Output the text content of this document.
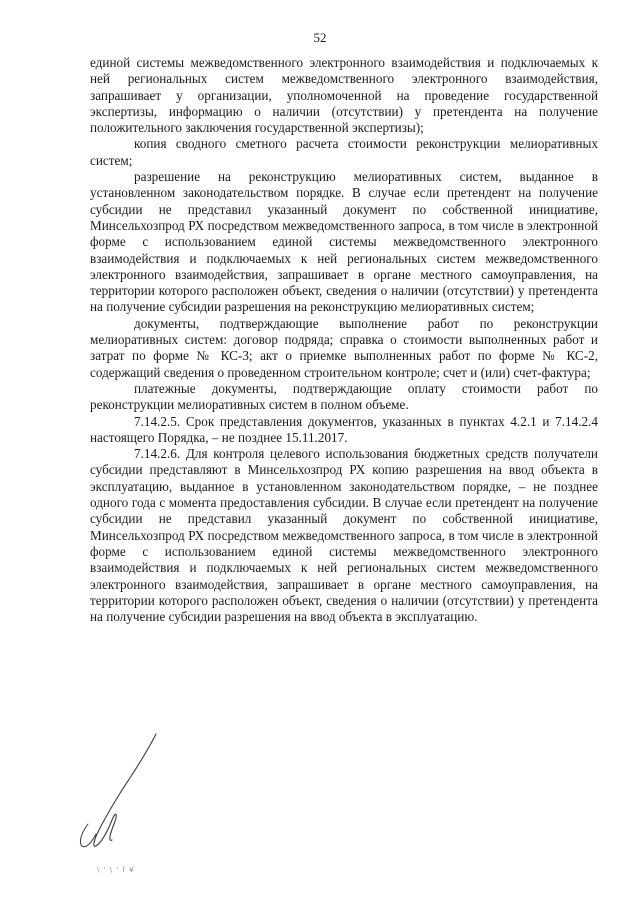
52

единой системы межведомственного электронного взаимодействия и подключаемых к ней региональных систем межведомственного электронного взаимодействия, запрашивает у организации, уполномоченной на проведение государственной экспертизы, информацию о наличии (отсутствии) у претендента на получение положительного заключения государственной экспертизы);

копия сводного сметного расчета стоимости реконструкции мелиоративных систем;

разрешение на реконструкцию мелиоративных систем, выданное в установленном законодательством порядке. В случае если претендент на получение субсидии не представил указанный документ по собственной инициативе, Минсельхозпрод РХ посредством межведомственного запроса, в том числе в электронной форме с использованием единой системы межведомственного электронного взаимодействия и подключаемых к ней региональных систем межведомственного электронного взаимодействия, запрашивает в органе местного самоуправления, на территории которого расположен объект, сведения о наличии (отсутствии) у претендента на получение субсидии разрешения на реконструкцию мелиоративных систем;

документы, подтверждающие выполнение работ по реконструкции мелиоративных систем: договор подряда; справка о стоимости выполненных работ и затрат по форме № КС-3; акт о приемке выполненных работ по форме № КС-2, содержащий сведения о проведенном строительном контроле; счет и (или) счет-фактура;

платежные документы, подтверждающие оплату стоимости работ по реконструкции мелиоративных систем в полном объеме.

7.14.2.5. Срок представления документов, указанных в пунктах 4.2.1 и 7.14.2.4 настоящего Порядка, – не позднее 15.11.2017.

7.14.2.6. Для контроля целевого использования бюджетных средств получатели субсидии представляют в Минсельхозпрод РХ копию разрешения на ввод объекта в эксплуатацию, выданное в установленном законодательством порядке, – не позднее одного года с момента предоставления субсидии. В случае если претендент на получение субсидии не представил указанный документ по собственной инициативе, Минсельхозпрод РХ посредством межведомственного запроса, в том числе в электронной форме с использованием единой системы межведомственного электронного взаимодействия и подключаемых к ней региональных систем межведомственного электронного взаимодействия, запрашивает в органе местного самоуправления, на территории которого расположен объект, сведения о наличии (отсутствии) у претендента на получение субсидии разрешения на ввод объекта в эксплуатацию.

\ ' \ ' ſ ¥
